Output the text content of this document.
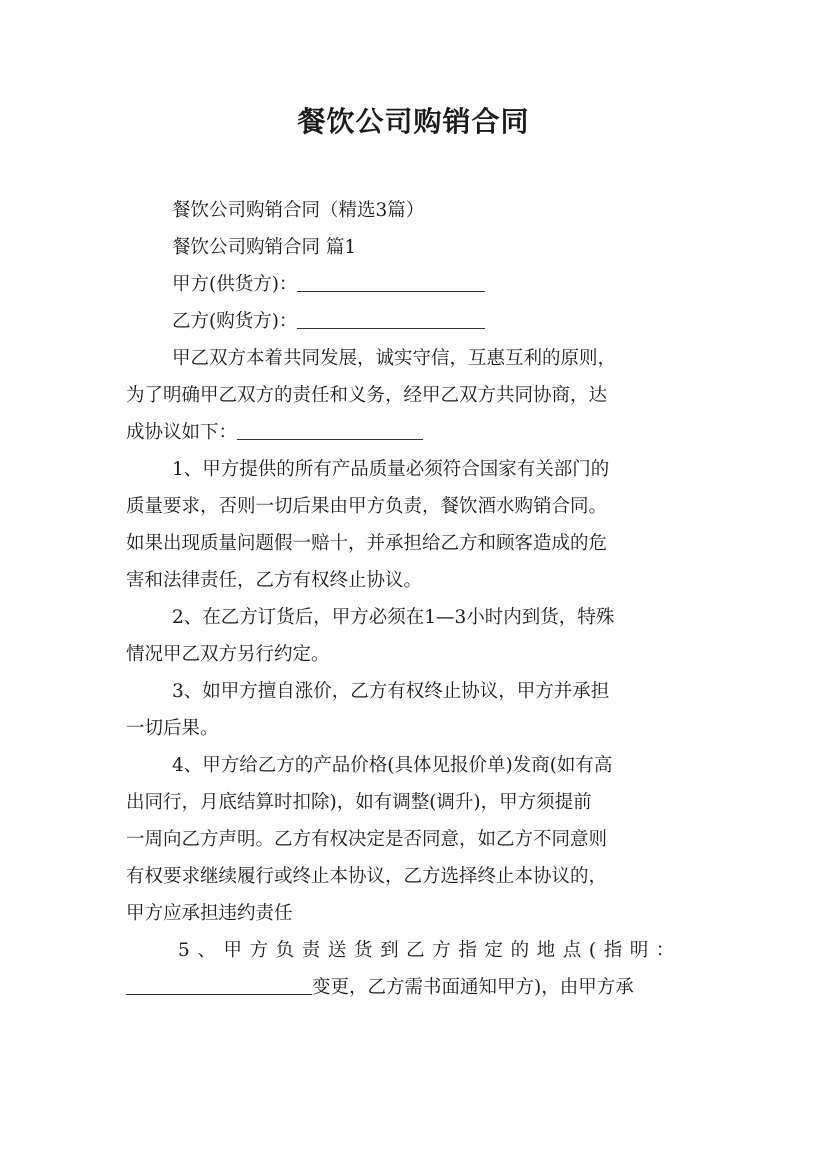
餐饮公司购销合同
餐饮公司购销合同（精选3篇）
餐饮公司购销合同 篇1
甲方(供货方)：
乙方(购货方)：
甲乙双方本着共同发展，诚实守信，互惠互利的原则，
为了明确甲乙双方的责任和义务，经甲乙双方共同协商，达
成协议如下：
1、甲方提供的所有产品质量必须符合国家有关部门的
质量要求，否则一切后果由甲方负责，餐饮酒水购销合同。
如果出现质量问题假一赔十，并承担给乙方和顾客造成的危
害和法律责任，乙方有权终止协议。
2、在乙方订货后，甲方必须在1—3小时内到货，特殊
情况甲乙双方另行约定。
3、如甲方擅自涨价，乙方有权终止协议，甲方并承担
一切后果。
4、甲方给乙方的产品价格(具体见报价单)发商(如有高
出同行，月底结算时扣除)，如有调整(调升)，甲方须提前
一周向乙方声明。乙方有权决定是否同意，如乙方不同意则
有权要求继续履行或终止本协议，乙方选择终止本协议的，
甲方应承担违约责任
5、甲方负责送货到乙方指定的地点(指明：
变更，乙方需书面通知甲方)，由甲方承
